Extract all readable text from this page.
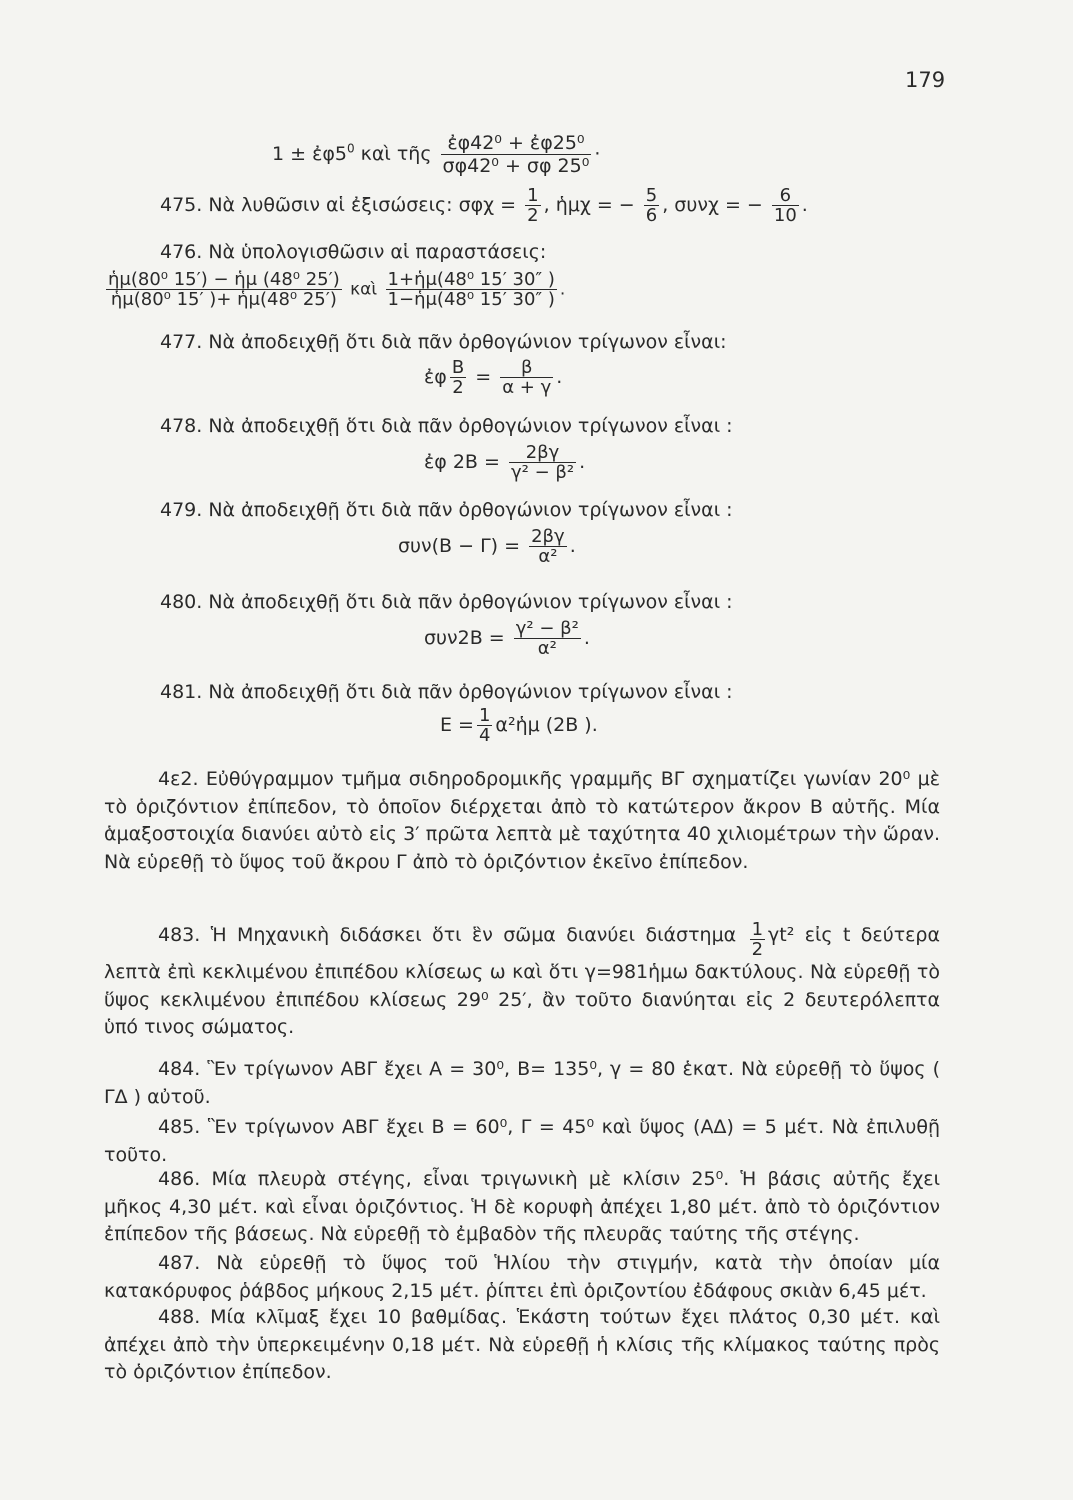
179
$1 \pm ἐ\varphi 5^0$ καὶ τῆς $\frac{\text{ἐφ42⁰ + ἐφ25⁰}}{\text{σφ42⁰ + σφ 25⁰}}$ ·
475. Νὰ λυθῶσιν αἱ ἐξισώσεις: $\sigma\varphi\chi = \frac{1}{2}$ , ἡμχ = − $\frac{5}{6}$ , συνχ = − $\frac{6}{10}$ .
476. Νὰ ὑπολογισθῶσιν αἱ παραστάσεις:
$\frac{\text{ἡμ(80⁰ 15′) − ἡμ (48⁰ 25′)}}{\text{ἡμ(80⁰ 15′ )+ ἡμ(48⁰ 25′)}}$ καὶ $\frac{\text{1+ἡμ(48⁰ 15′ 30″ )}}{\text{1−ἡμ(48⁰ 15′ 30″ )}}$ .
477. Νὰ ἀποδειχθῇ ὅτι διὰ πᾶν ὀρθογώνιον τρίγωνον εἶναι:
ἐφ $\frac{B}{2} = \frac{\beta}{\alpha + \gamma}$ .
478. Νὰ ἀποδειχθῇ ὅτι διὰ πᾶν ὀρθογώνιον τρίγωνον εἶναι :
ἐφ $2B = \frac{2\beta\gamma}{\text{γ² − β²}}$ .
479. Νὰ ἀποδειχθῇ ὅτι διὰ πᾶν ὀρθογώνιον τρίγωνον εἶναι :
$\sigma\upsilon\nu(B - \Gamma) = \frac{2\beta\gamma}{\text{α²}}$ .
480. Νὰ ἀποδειχθῇ ὅτι διὰ πᾶν ὀρθογώνιον τρίγωνον εἶναι :
$\sigma\upsilon\nu 2B = \frac{\text{γ² − β²}}{\text{α²}}$ .
481. Νὰ ἀποδειχθῇ ὅτι διὰ πᾶν ὀρθογώνιον τρίγωνον εἶναι :
$E = \frac{1}{4}$ α²ἡμ (2Β ).
4ε2. Εὐθύγραμμον τμῆμα σιδηροδρομικῆς γραμμῆς ΒΓ σχηματίζει γωνίαν 20⁰ μὲ τὸ ὁριζόντιον ἐπίπεδον, τὸ ὁποῖον διέρχεται ἀπὸ τὸ κατώτερον ἄκρον Β αὐτῆς. Μία ἁμαξοστοιχία διανύει αὐτὸ εἰς 3′ πρῶτα λεπτὰ μὲ ταχύτητα 40 χιλιομέτρων τὴν ὥραν. Νὰ εὑρεθῇ τὸ ὕψος τοῦ ἄκρου Γ ἀπὸ τὸ ὁριζόντιον ἐκεῖνο ἐπίπεδον.
483. Ἡ Μηχανικὴ διδάσκει ὅτι ἓν σῶμα διανύει διάστημα $\frac{1}{2} \gamma t^2$ εἰς t δεύτερα λεπτὰ ἐπὶ κεκλιμένου ἐπιπέδου κλίσεως ω καὶ ὅτι γ=981ἡμω δακτύλους. Νὰ εὑρεθῇ τὸ ὕψος κεκλιμένου ἐπιπέδου κλίσεως 29⁰ 25′, ἂν τοῦτο διανύηται εἰς 2 δευτερόλεπτα ὑπό τινος σώματος.
484. Ἓν τρίγωνον ΑΒΓ ἔχει Α = 30⁰, Β= 135⁰, γ = 80 ἑκατ. Νὰ εὑρεθῇ τὸ ὕψος ( ΓΔ ) αὐτοῦ.
485. Ἓν τρίγωνον ΑΒΓ ἔχει Β = 60⁰, Γ = 45⁰ καὶ ὕψος (ΑΔ) = 5 μέτ. Νὰ ἐπιλυθῇ τοῦτο.
486. Μία πλευρὰ στέγης, εἶναι τριγωνικὴ μὲ κλίσιν 25⁰. Ἡ βάσις αὐτῆς ἔχει μῆκος 4,30 μέτ. καὶ εἶναι ὁριζόντιος. Ἡ δὲ κορυφὴ ἀπέχει 1,80 μέτ. ἀπὸ τὸ ὁριζόντιον ἐπίπεδον τῆς βάσεως. Νὰ εὑρεθῇ τὸ ἐμβαδὸν τῆς πλευρᾶς ταύτης τῆς στέγης.
487. Νὰ εὑρεθῇ τὸ ὕψος τοῦ Ἡλίου τὴν στιγμήν, κατὰ τὴν ὁποίαν μία κατακόρυφος ῥάβδος μήκους 2,15 μέτ. ῥίπτει ἐπὶ ὁριζοντίου ἐδάφους σκιὰν 6,45 μέτ.
488. Μία κλῖμαξ ἔχει 10 βαθμίδας. Ἑκάστη τούτων ἔχει πλάτος 0,30 μέτ. καὶ ἀπέχει ἀπὸ τὴν ὑπερκειμένην 0,18 μέτ. Νὰ εὑρεθῇ ἡ κλίσις τῆς κλίμακος ταύτης πρὸς τὸ ὁριζόντιον ἐπίπεδον.
